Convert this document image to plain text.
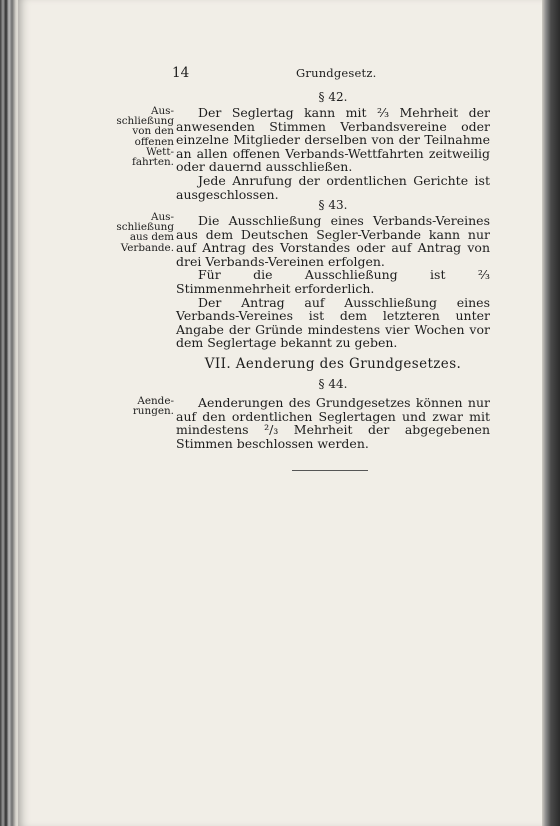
14	Grundgesetz.
§ 42.
Aus-
schließung
von den
offenen
Wett-
fahrten.

Der Seglertag kann mit ⅔ Mehrheit der anwesenden Stimmen Verbandsvereine oder einzelne Mitglieder derselben von der Teilnahme an allen offenen Verbands-Wettfahrten zeitweilig oder dauernd ausschließen.

Jede Anrufung der ordentlichen Gerichte ist ausgeschlossen.

§ 43.
Aus-
schließung
aus dem
Verbande.

Die Ausschließung eines Verbands-Vereines aus dem Deutschen Segler-Verbande kann nur auf Antrag des Vorstandes oder auf Antrag von drei Verbands-Vereinen erfolgen.

Für die Ausschließung ist ⅔ Stimmenmehrheit erforderlich.

Der Antrag auf Ausschließung eines Verbands-Vereines ist dem letzteren unter Angabe der Gründe mindestens vier Wochen vor dem Seglertage bekannt zu geben.

VII. Aenderung des Grundgesetzes.
§ 44.
Aende-
rungen.

Aenderungen des Grundgesetzes können nur auf den ordentlichen Seglertagen und zwar mit mindestens ²/₃ Mehrheit der abgegebenen Stimmen beschlossen werden.
